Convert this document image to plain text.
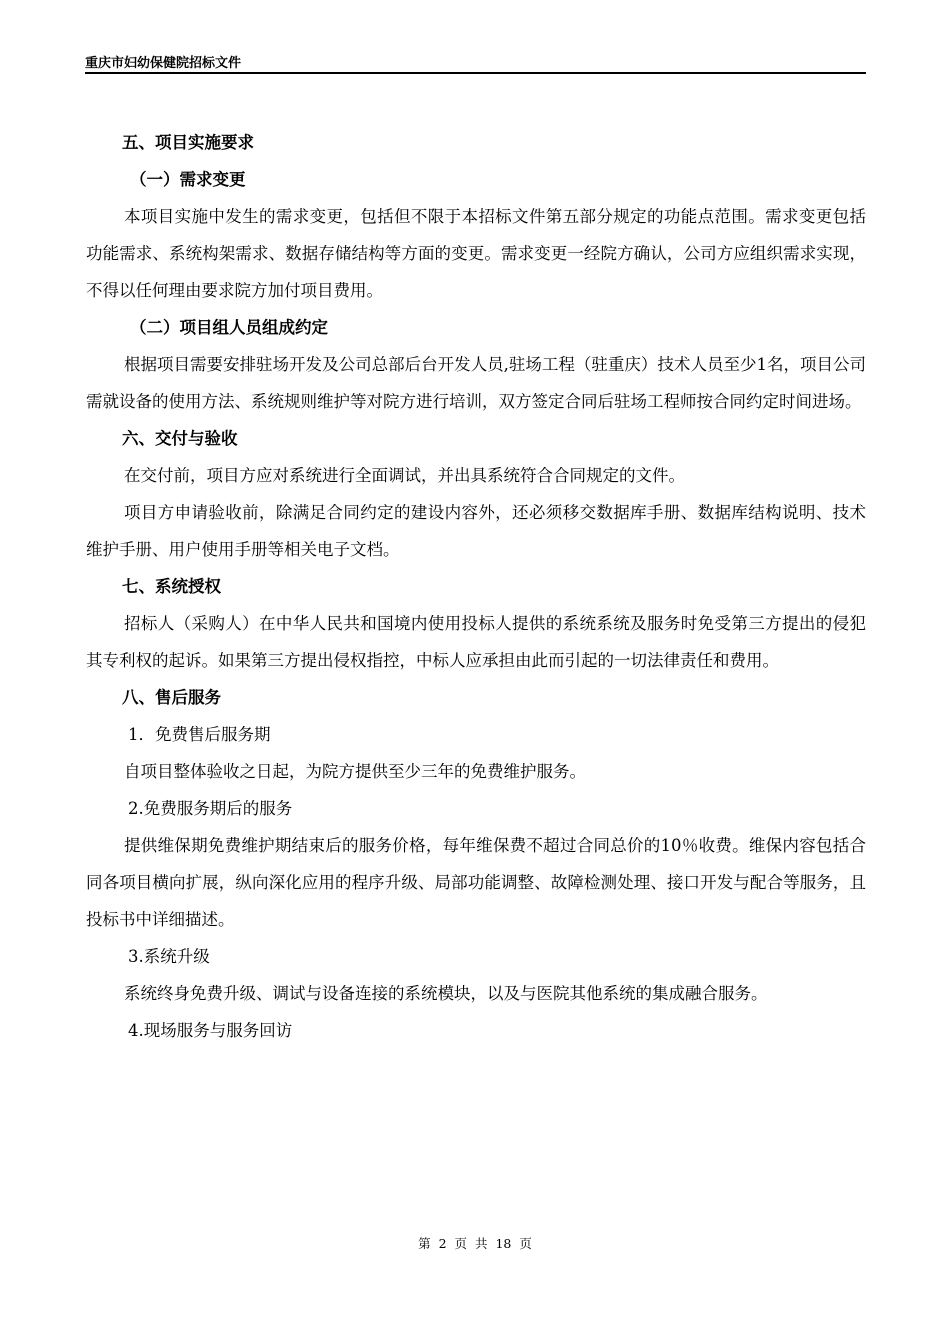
重庆市妇幼保健院招标文件

五、项目实施要求

（一）需求变更

本项目实施中发生的需求变更，包括但不限于本招标文件第五部分规定的功能点范围。需求变更包括功能需求、系统构架需求、数据存储结构等方面的变更。需求变更一经院方确认，公司方应组织需求实现，不得以任何理由要求院方加付项目费用。

（二）项目组人员组成约定

根据项目需要安排驻场开发及公司总部后台开发人员,驻场工程（驻重庆）技术人员至少1名，项目公司需就设备的使用方法、系统规则维护等对院方进行培训，双方签定合同后驻场工程师按合同约定时间进场。

六、交付与验收

在交付前，项目方应对系统进行全面调试，并出具系统符合合同规定的文件。

项目方申请验收前，除满足合同约定的建设内容外，还必须移交数据库手册、数据库结构说明、技术维护手册、用户使用手册等相关电子文档。

七、系统授权

招标人（采购人）在中华人民共和国境内使用投标人提供的系统系统及服务时免受第三方提出的侵犯其专利权的起诉。如果第三方提出侵权指控，中标人应承担由此而引起的一切法律责任和费用。

八、售后服务

1．免费售后服务期

自项目整体验收之日起，为院方提供至少三年的免费维护服务。

2.免费服务期后的服务

提供维保期免费维护期结束后的服务价格，每年维保费不超过合同总价的10％收费。维保内容包括合同各项目横向扩展，纵向深化应用的程序升级、局部功能调整、故障检测处理、接口开发与配合等服务，且投标书中详细描述。

3.系统升级

系统终身免费升级、调试与设备连接的系统模块，以及与医院其他系统的集成融合服务。

4.现场服务与服务回访

第 2 页 共 18 页
